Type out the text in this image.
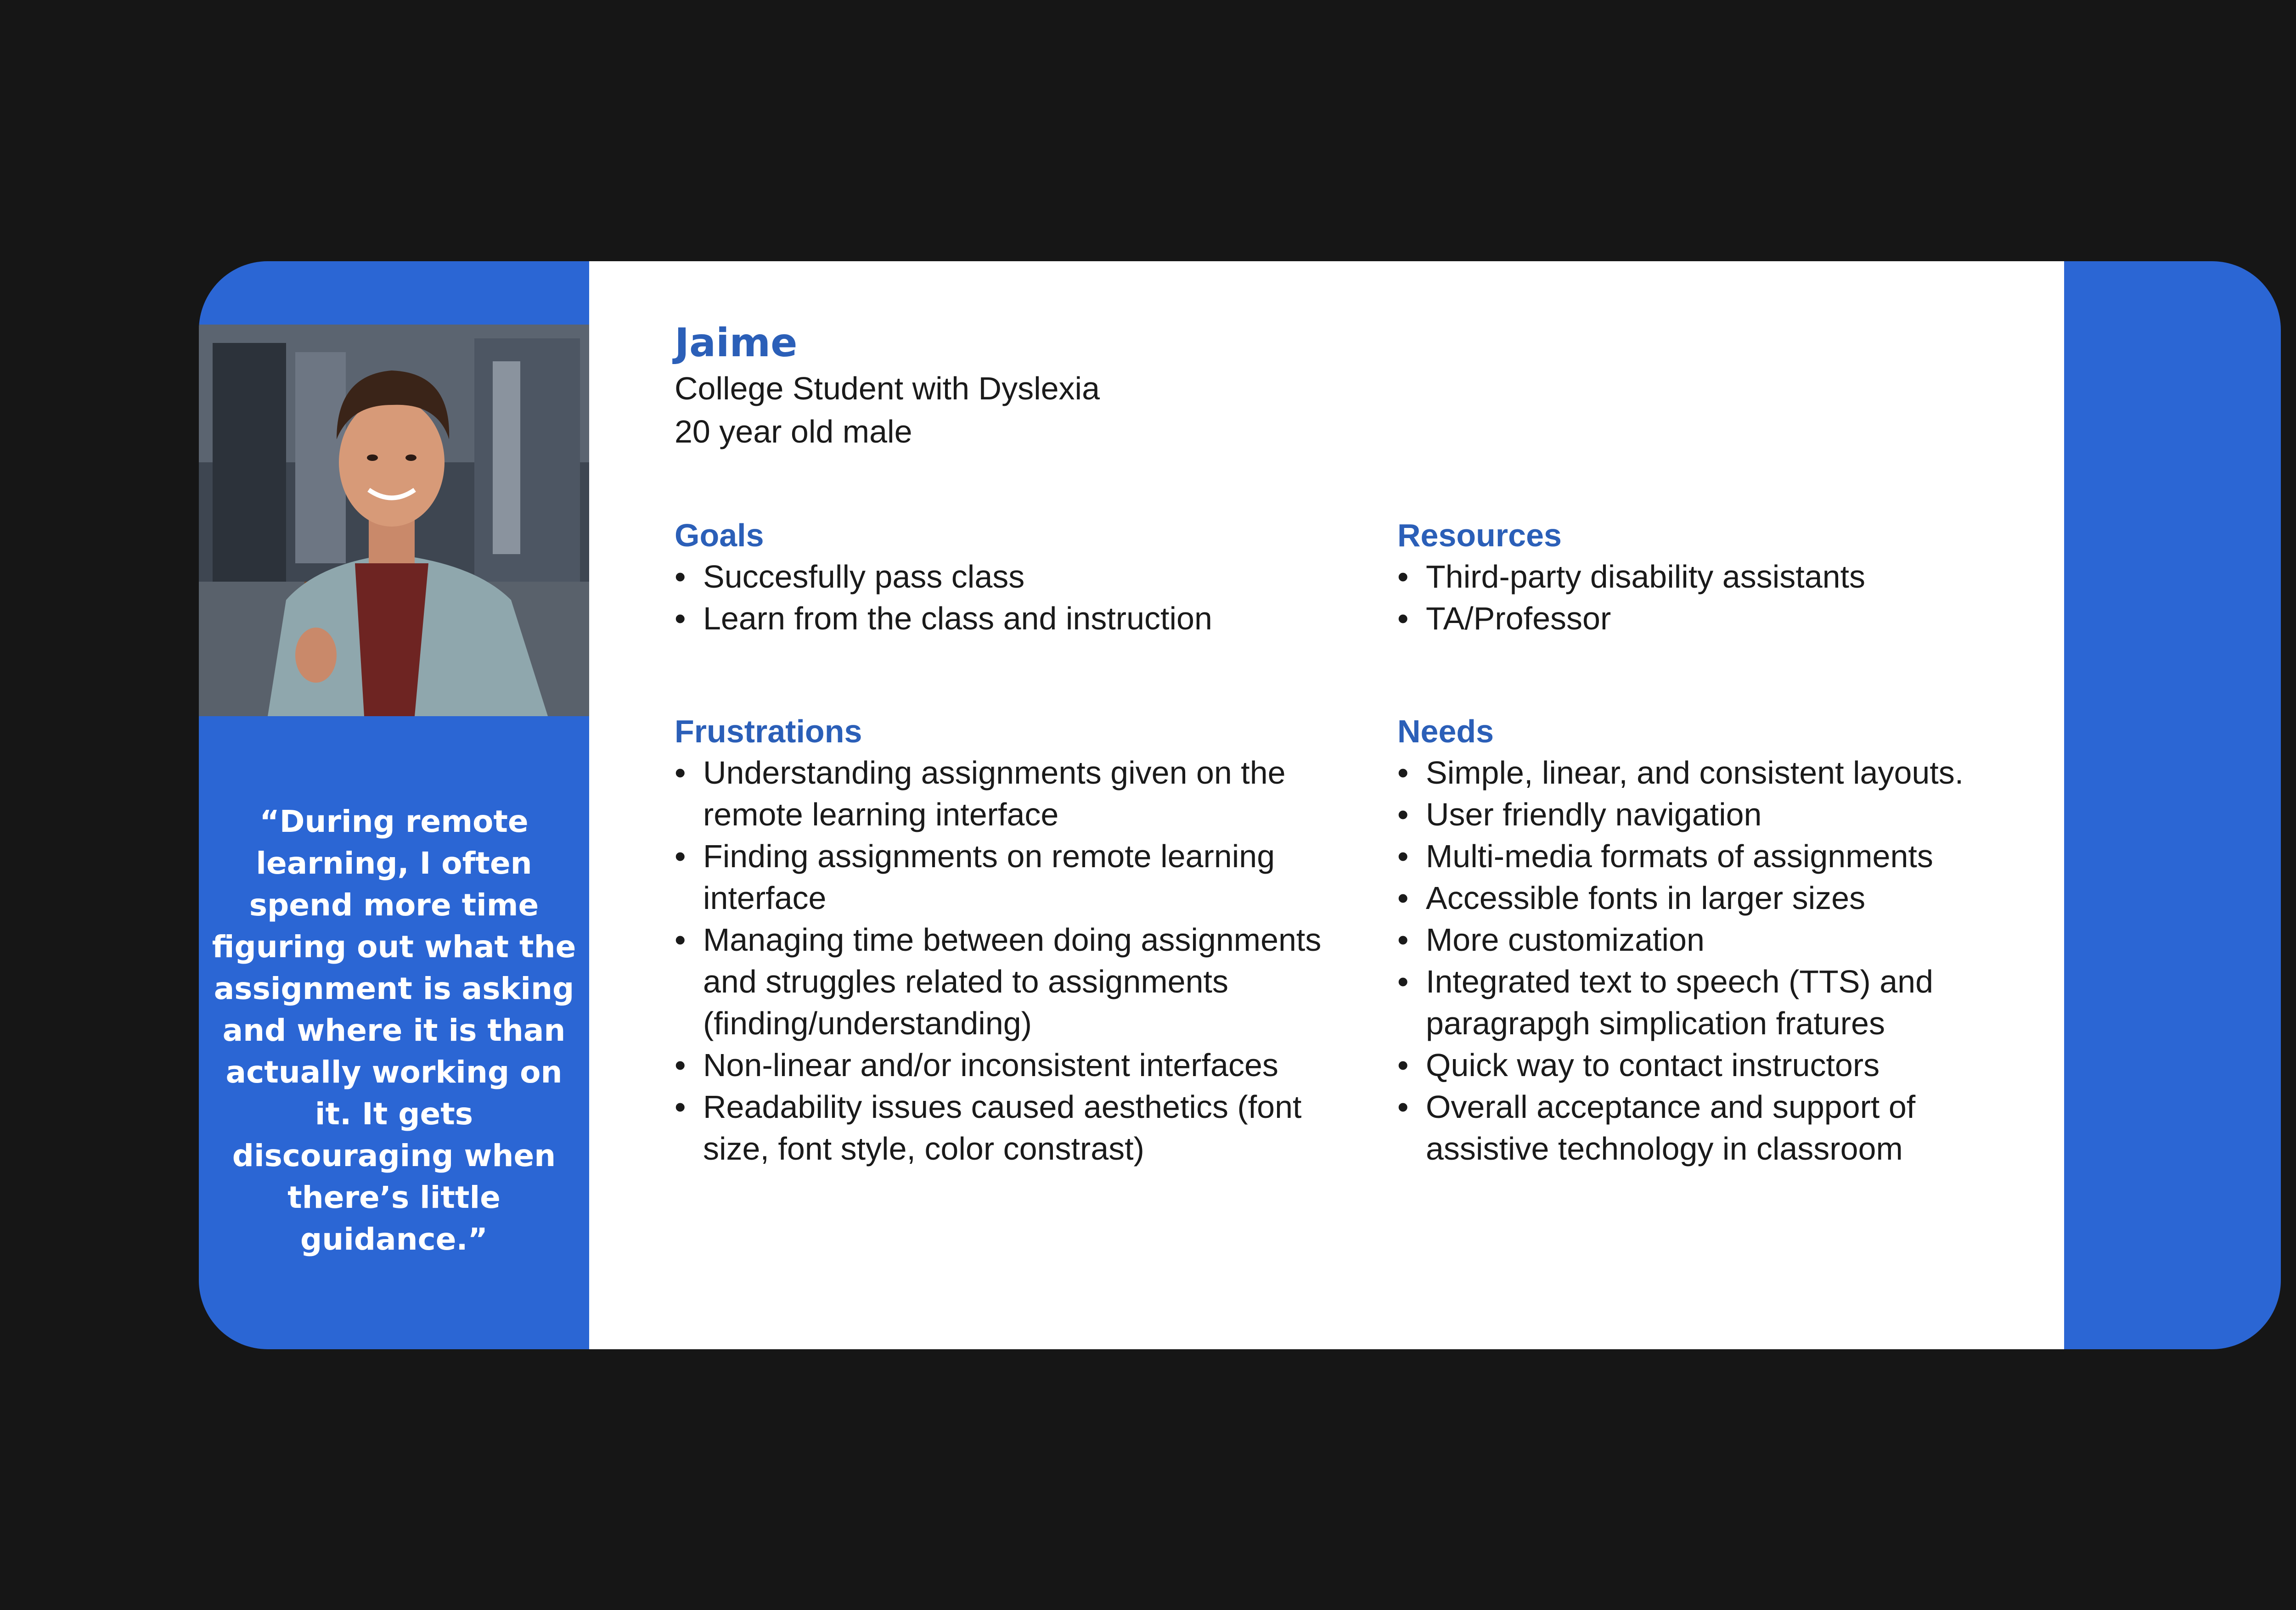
“During remote learning, I often spend more time figuring out what the assignment is asking and where it is than actually working on it. It gets discouraging when there’s little guidance.”
Jaime
College Student with Dyslexia
20 year old male
Goals
• Succesfully pass class
• Learn from the class and instruction
Resources
• Third-party disability assistants
• TA/Professor
Frustrations
• Understanding assignments given on the remote learning interface
• Finding assignments on remote learning interface
• Managing time between doing assignments and struggles related to assignments (finding/understanding)
• Non-linear and/or inconsistent interfaces
• Readability issues caused aesthetics (font size, font style, color constrast)
Needs
• Simple, linear, and consistent layouts.
• User friendly navigation
• Multi-media formats of assignments
• Accessible fonts in larger sizes
• More customization
• Integrated text to speech (TTS) and paragrapgh simplication fratures
• Quick way to contact instructors
• Overall acceptance and support of assistive technology in classroom
